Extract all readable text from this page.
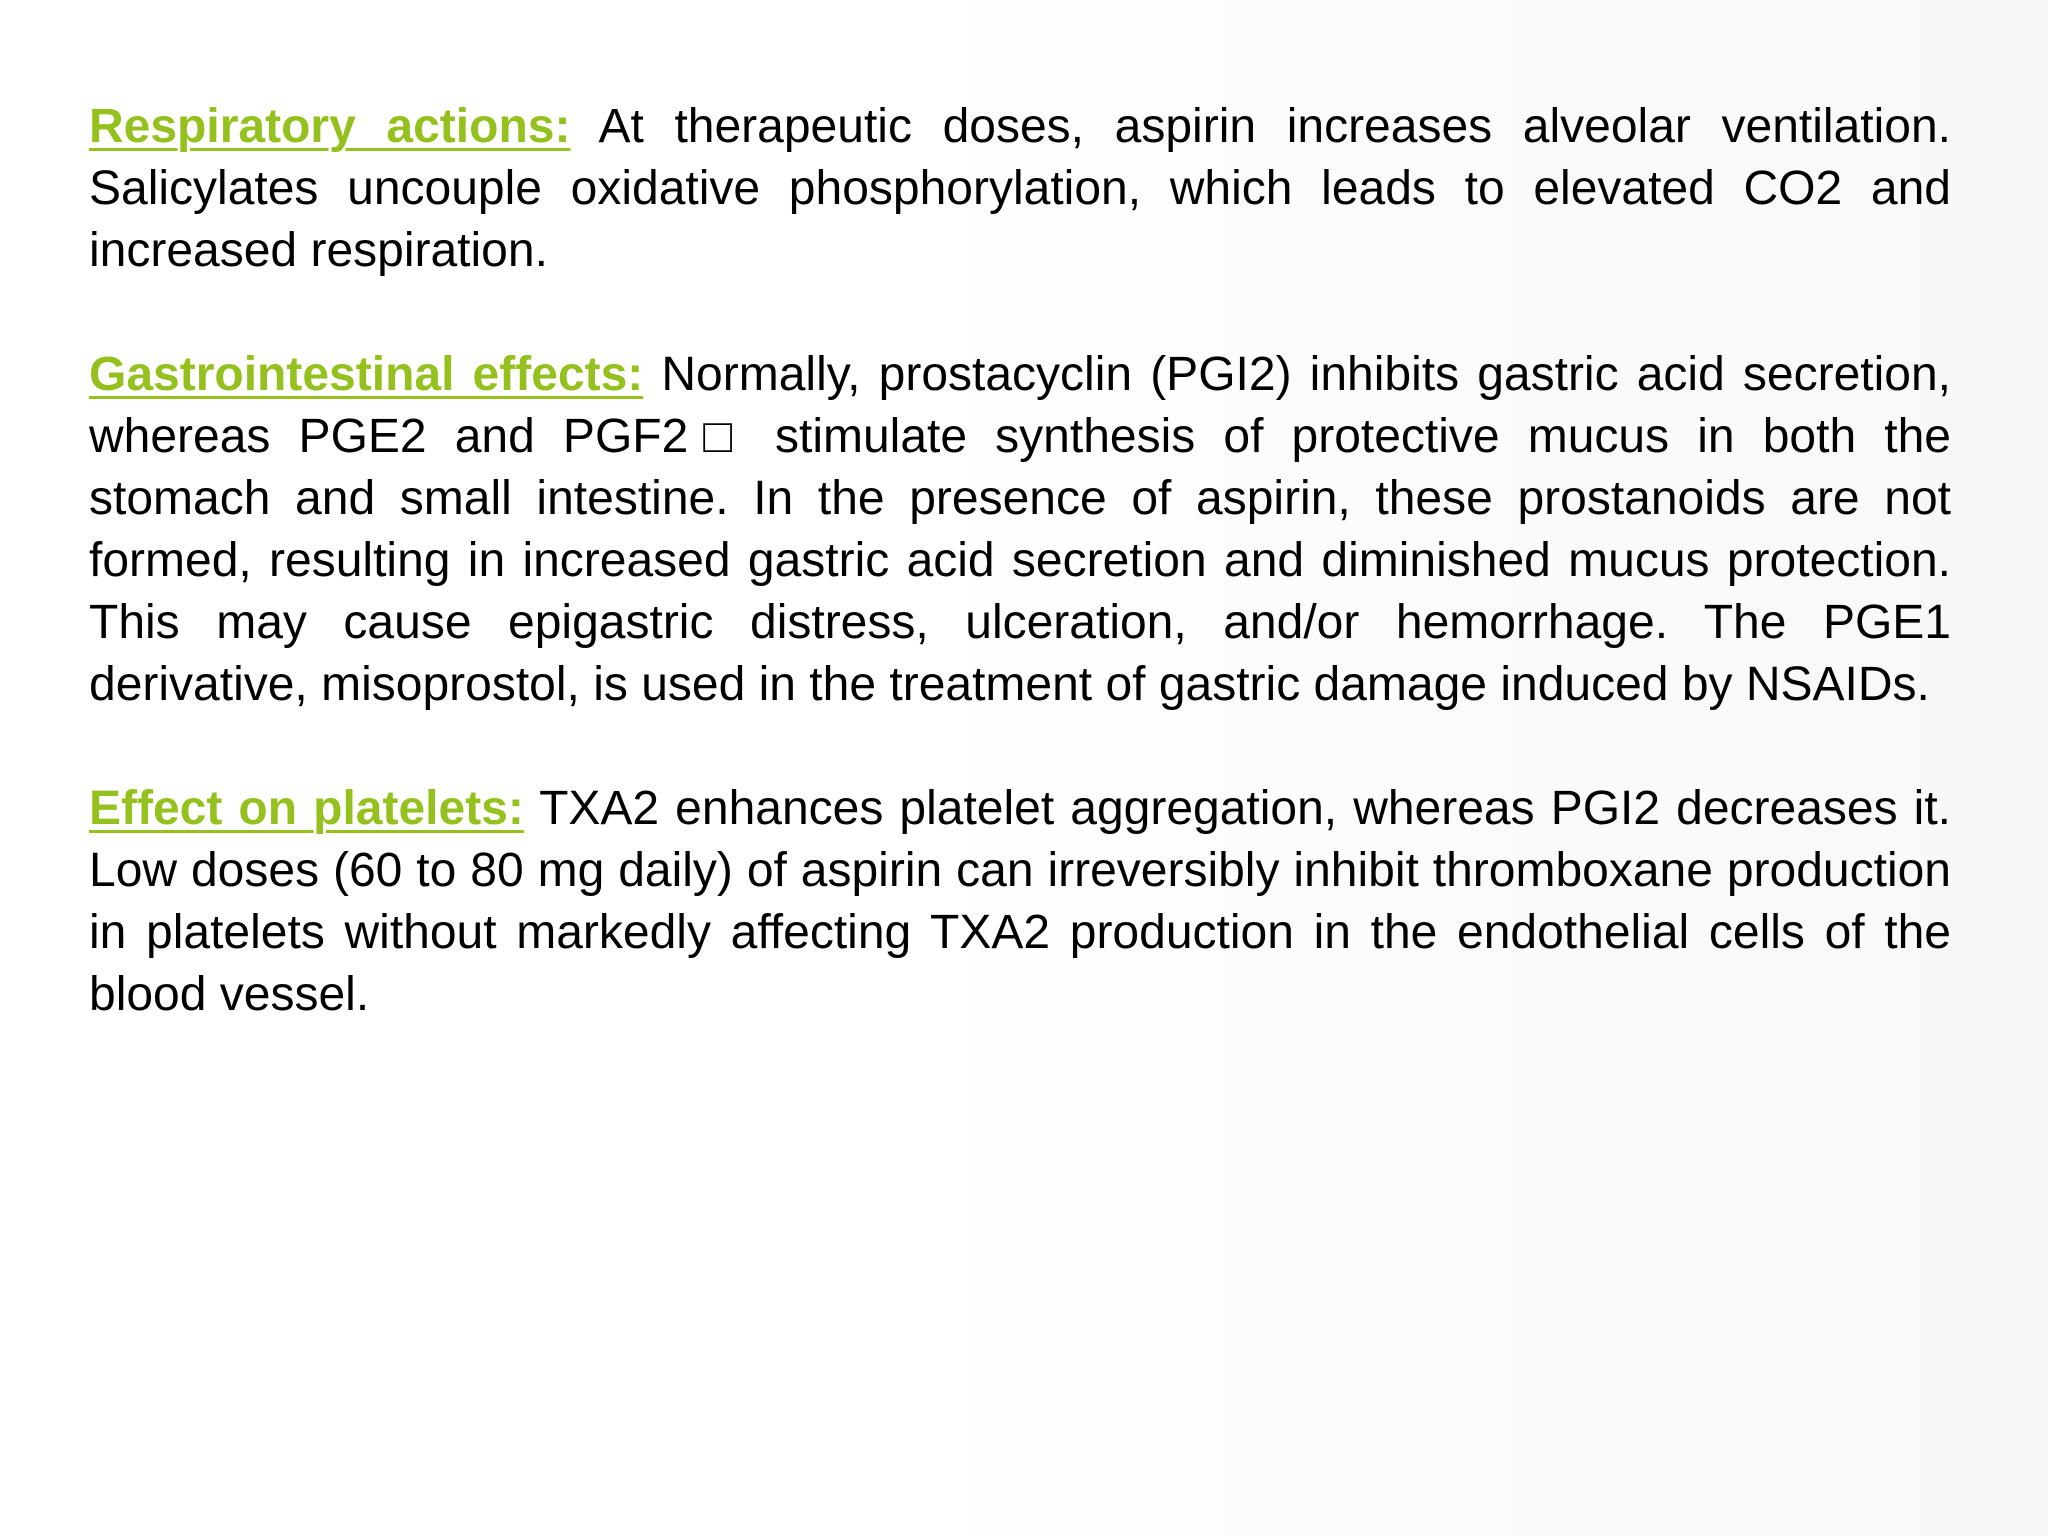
Respiratory actions: At therapeutic doses, aspirin increases alveolar ventilation. Salicylates uncouple oxidative phosphorylation, which leads to elevated CO2 and increased respiration.

Gastrointestinal effects: Normally, prostacyclin (PGI2) inhibits gastric acid secretion, whereas PGE2 and PGF2□ stimulate synthesis of protective mucus in both the stomach and small intestine. In the presence of aspirin, these prostanoids are not formed, resulting in increased gastric acid secretion and diminished mucus protection. This may cause epigastric distress, ulceration, and/or hemorrhage. The PGE1 derivative, misoprostol, is used in the treatment of gastric damage induced by NSAIDs.

Effect on platelets: TXA2 enhances platelet aggregation, whereas PGI2 decreases it. Low doses (60 to 80 mg daily) of aspirin can irreversibly inhibit thromboxane production in platelets without markedly affecting TXA2 production in the endothelial cells of the blood vessel.
